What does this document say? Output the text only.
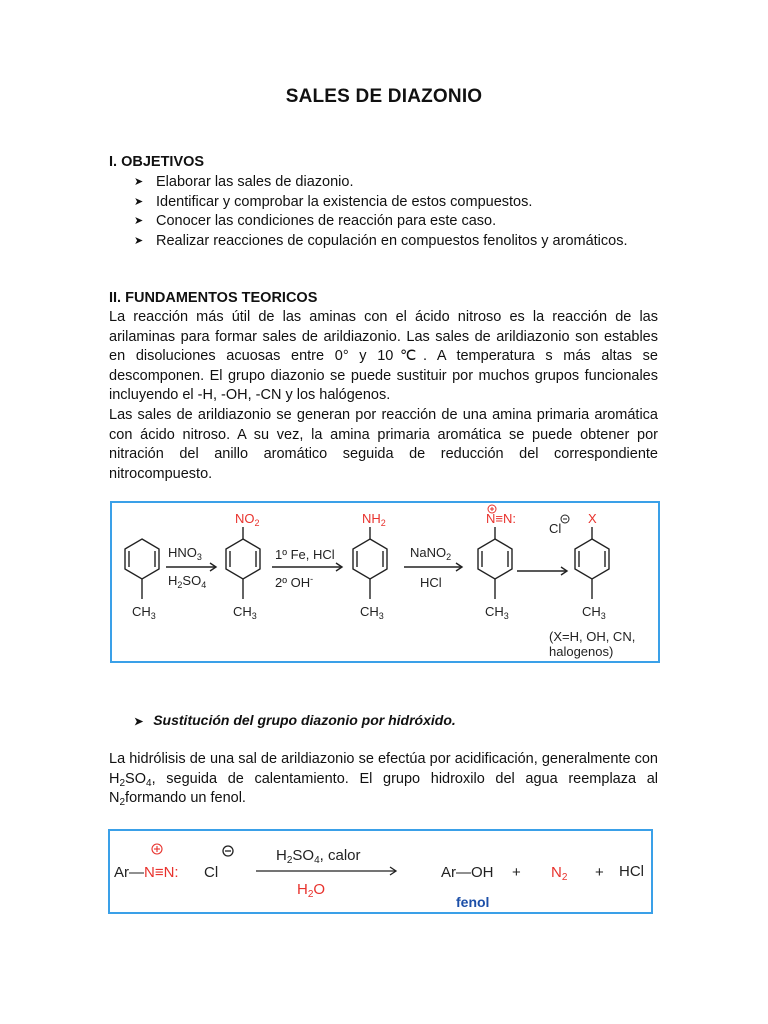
SALES DE DIAZONIO
I. OBJETIVOS
➤ Elaborar las sales de diazonio.
➤ Identificar y comprobar la existencia de estos compuestos.
➤ Conocer las condiciones de reacción para este caso.
➤ Realizar reacciones de copulación en compuestos fenolitos y aromáticos.
II. FUNDAMENTOS TEORICOS

La reacción más útil de las aminas con el ácido nitroso es la reacción de las arilaminas para formar sales de arildiazonio. Las sales de arildiazonio son estables en disoluciones acuosas entre 0° y 10℃. A temperatura s más altas se descomponen. El grupo diazonio se puede sustituir por muchos grupos funcionales incluyendo el -H, -OH, -CN y los halógenos.

Las sales de arildiazonio se generan por reacción de una amina primaria aromática con ácido nitroso. A su vez, la amina primaria aromática se puede obtener por nitración del anillo aromático seguida de reducción del correspondiente nitrocompuesto.

$CH_3$	$CH_3$	$CH_3$	$CH_3$	$CH_3$
$HNO_3$
$H_2SO_4$
1º Fe, HCl
2º OH-
NaNO$_2$
HCl
Cl
(X=H, OH, CN,
halogenos)
$NO_2$	$NH_2$	N≡N:	X
➤ Sustitución del grupo diazonio por hidróxido.

La hidrólisis de una sal de arildiazonio se efectúa por acidificación, generalmente con $H_2SO_4$, seguida de calentamiento. El grupo hidroxilo del agua reemplaza al $N_2formando$ un fenol.

Ar—N≡N: Cl
$H_2SO_4$, calor
Ar—OH +	+ HCl
$H_2O$
$N_2$
fenol
